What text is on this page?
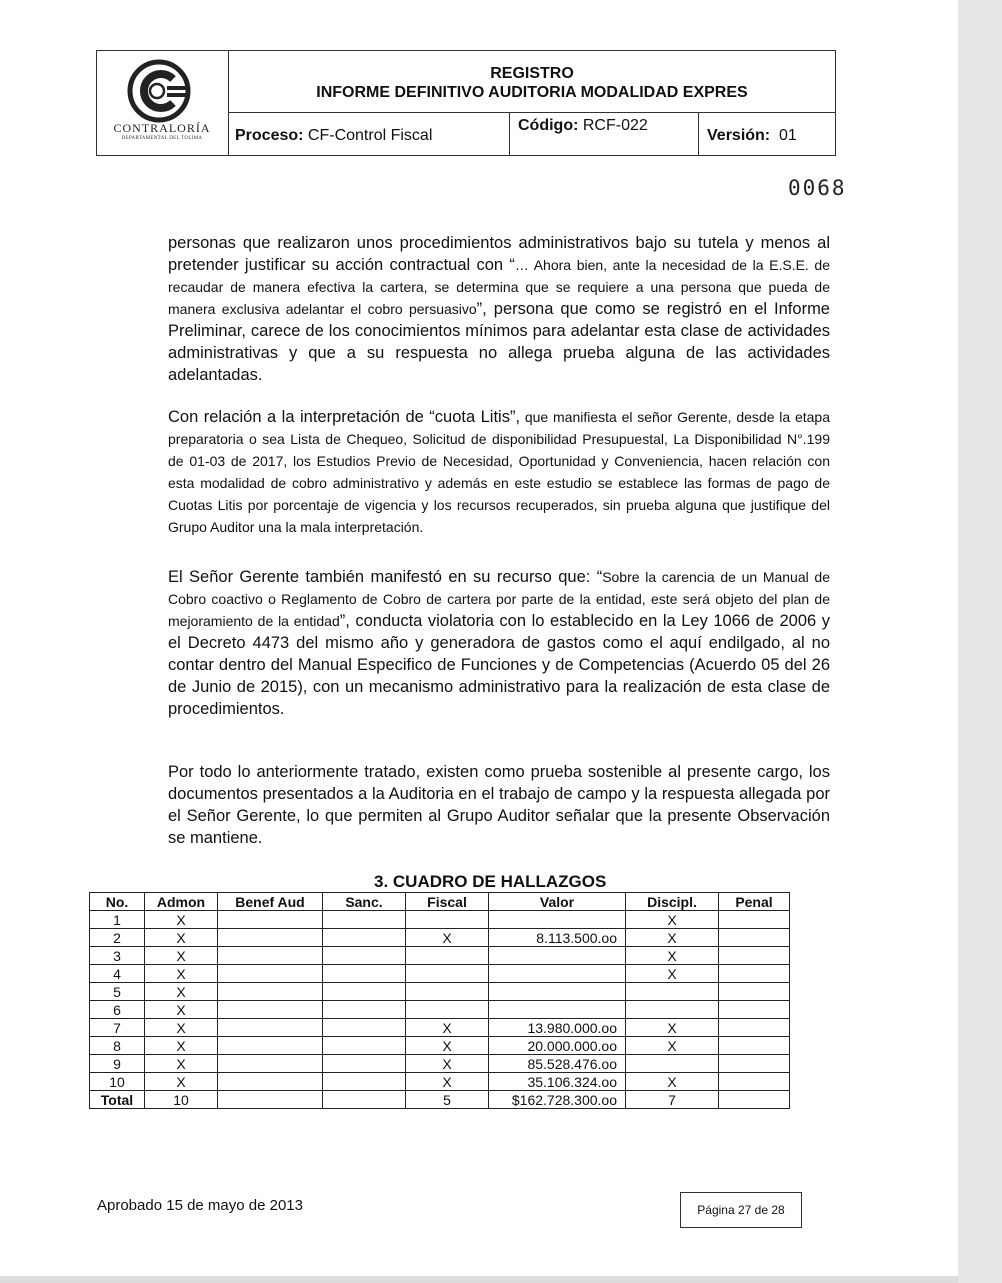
CONTRALORÍA
DEPARTAMENTAL DEL TOLIMA
REGISTRO
INFORME DEFINITIVO AUDITORIA MODALIDAD EXPRES
Proceso: CF-Control Fiscal
Código: RCF-022
Versión: 01
0068

personas que realizaron unos procedimientos administrativos bajo su tutela y menos al pretender justificar su acción contractual con “… Ahora bien, ante la necesidad de la E.S.E. de recaudar de manera efectiva la cartera, se determina que se requiere a una persona que pueda de manera exclusiva adelantar el cobro persuasivo”, persona que como se registró en el Informe Preliminar, carece de los conocimientos mínimos para adelantar esta clase de actividades administrativas y que a su respuesta no allega prueba alguna de las actividades adelantadas.

Con relación a la interpretación de “cuota Litis”, que manifiesta el señor Gerente, desde la etapa preparatoria o sea Lista de Chequeo, Solicitud de disponibilidad Presupuestal, La Disponibilidad N°.199 de 01-03 de 2017, los Estudios Previo de Necesidad, Oportunidad y Conveniencia, hacen relación con esta modalidad de cobro administrativo y además en este estudio se establece las formas de pago de Cuotas Litis por porcentaje de vigencia y los recursos recuperados, sin prueba alguna que justifique del Grupo Auditor una la mala interpretación.

El Señor Gerente también manifestó en su recurso que: “Sobre la carencia de un Manual de Cobro coactivo o Reglamento de Cobro de cartera por parte de la entidad, este será objeto del plan de mejoramiento de la entidad”, conducta violatoria con lo establecido en la Ley 1066 de 2006 y el Decreto 4473 del mismo año y generadora de gastos como el aquí endilgado, al no contar dentro del Manual Especifico de Funciones y de Competencias (Acuerdo 05 del 26 de Junio de 2015), con un mecanismo administrativo para la realización de esta clase de procedimientos.

Por todo lo anteriormente tratado, existen como prueba sostenible al presente cargo, los documentos presentados a la Auditoria en el trabajo de campo y la respuesta allegada por el Señor Gerente, lo que permiten al Grupo Auditor señalar que la presente Observación se mantiene.

3. CUADRO DE HALLAZGOS
No.	Admon	Benef Aud	Sanc.	Fiscal	Valor	Discipl.	Penal
1	X					X	
2	X			X	8.113.500.oo	X	
3	X					X	
4	X					X	
5	X						
6	X						
7	X			X	13.980.000.oo	X	
8	X			X	20.000.000.oo	X	
9	X			X	85.528.476.oo		
10	X			X	35.106.324.oo	X	
Total	10			5	$162.728.300.oo	7	
Aprobado 15 de mayo de 2013	Página 27 de 28
